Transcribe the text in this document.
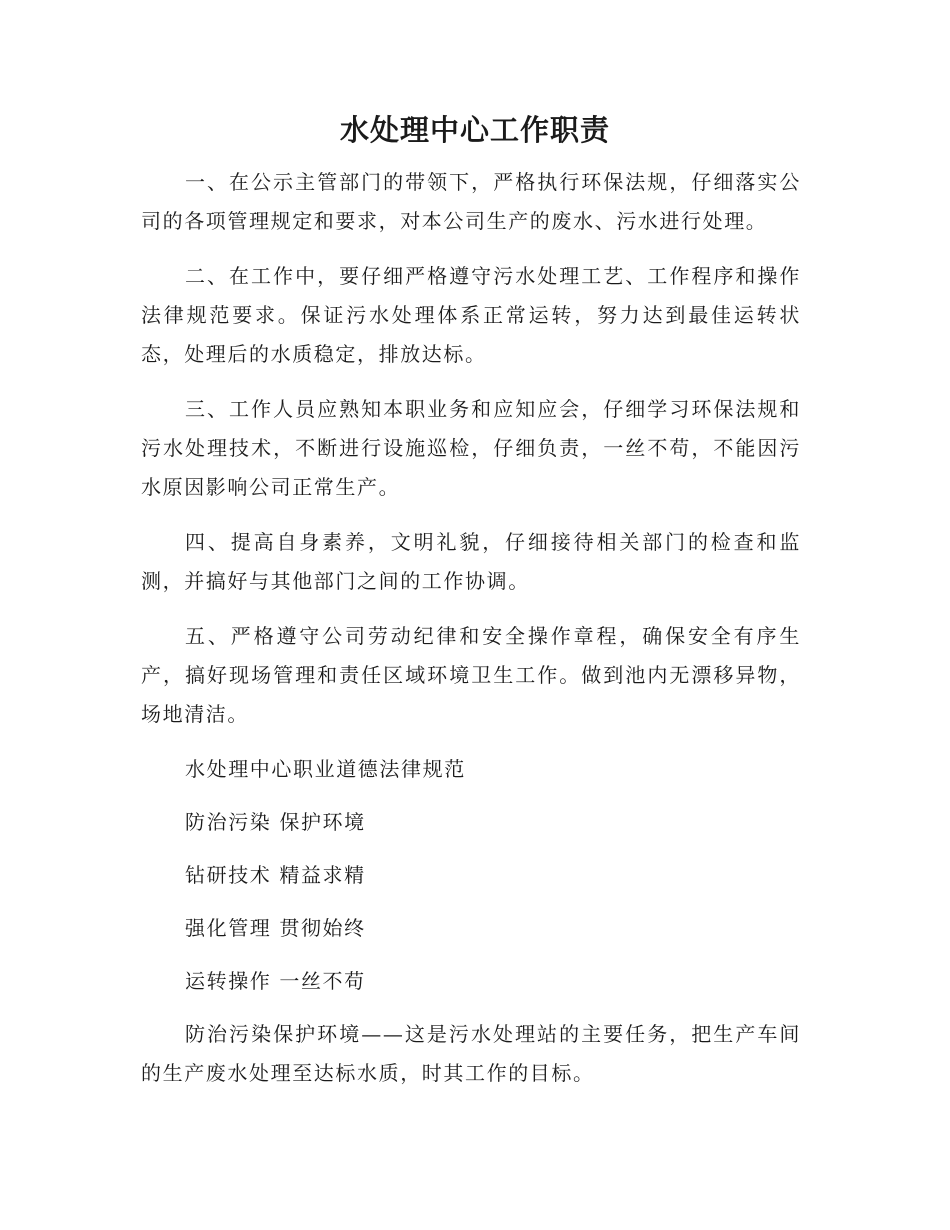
水处理中心工作职责

一、在公示主管部门的带领下，严格执行环保法规，仔细落实公司的各项管理规定和要求，对本公司生产的废水、污水进行处理。

二、在工作中，要仔细严格遵守污水处理工艺、工作程序和操作法律规范要求。保证污水处理体系正常运转，努力达到最佳运转状态，处理后的水质稳定，排放达标。

三、工作人员应熟知本职业务和应知应会，仔细学习环保法规和污水处理技术，不断进行设施巡检，仔细负责，一丝不苟，不能因污水原因影响公司正常生产。

四、提高自身素养，文明礼貌，仔细接待相关部门的检查和监测，并搞好与其他部门之间的工作协调。

五、严格遵守公司劳动纪律和安全操作章程，确保安全有序生产，搞好现场管理和责任区域环境卫生工作。做到池内无漂移异物，场地清洁。

水处理中心职业道德法律规范

防治污染 保护环境

钻研技术 精益求精

强化管理 贯彻始终

运转操作 一丝不苟

防治污染保护环境——这是污水处理站的主要任务，把生产车间的生产废水处理至达标水质，时其工作的目标。
